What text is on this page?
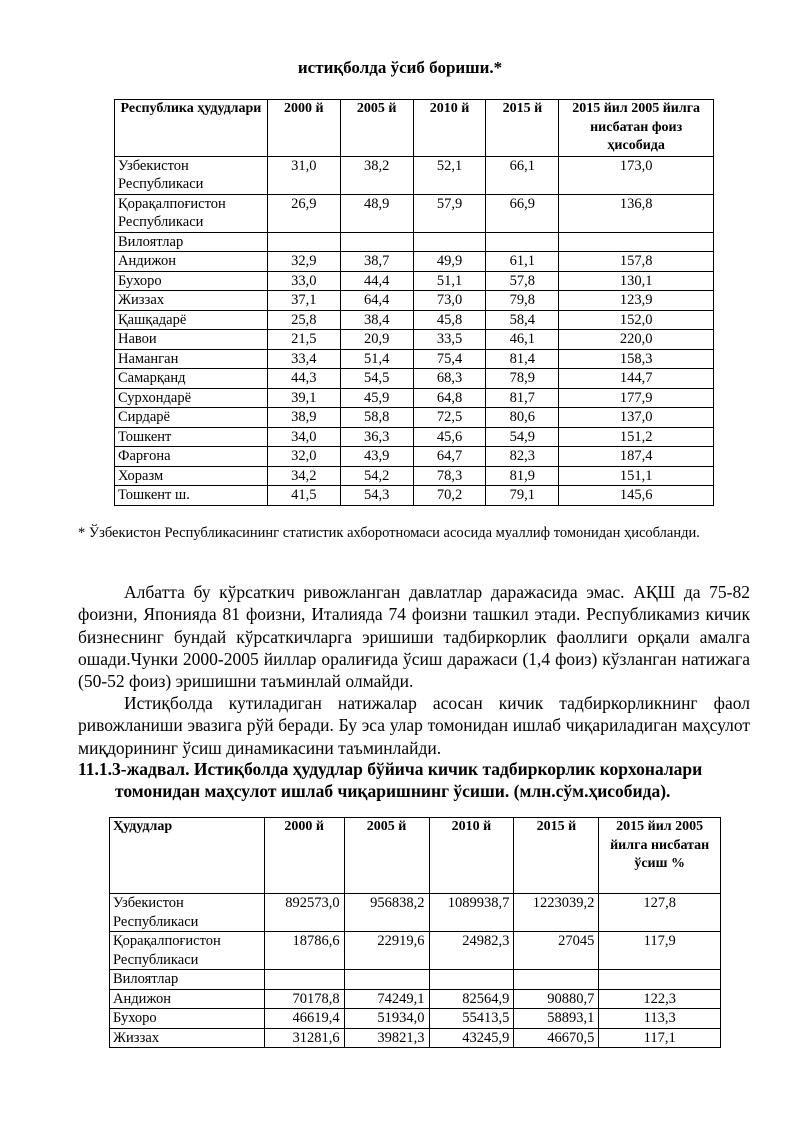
истиқболда ўсиб бориши.*
Республика ҳудудлари	2000 й	2005 й	2010 й	2015 й	2015 йил 2005 йилга нисбатан фоиз ҳисобида
Узбекистон Республикаси	31,0	38,2	52,1	66,1	173,0
Қорақалпоғистон Республикаси	26,9	48,9	57,9	66,9	136,8
Вилоятлар					
Андижон	32,9	38,7	49,9	61,1	157,8
Бухоро	33,0	44,4	51,1	57,8	130,1
Жиззах	37,1	64,4	73,0	79,8	123,9
Қашқадарё	25,8	38,4	45,8	58,4	152,0
Навои	21,5	20,9	33,5	46,1	220,0
Наманган	33,4	51,4	75,4	81,4	158,3
Самарқанд	44,3	54,5	68,3	78,9	144,7
Сурхондарё	39,1	45,9	64,8	81,7	177,9
Сирдарё	38,9	58,8	72,5	80,6	137,0
Тошкент	34,0	36,3	45,6	54,9	151,2
Фарғона	32,0	43,9	64,7	82,3	187,4
Хоразм	34,2	54,2	78,3	81,9	151,1
Тошкент ш.	41,5	54,3	70,2	79,1	145,6
* Ўзбекистон Республикасининг статистик ахборотномаси асосида муаллиф томонидан ҳисобланди.
Албатта бу кўрсаткич ривожланган давлатлар даражасида эмас. АҚШ да 75-82 фоизни, Японияда 81 фоизни, Италияда 74 фоизни ташкил этади. Республикамиз кичик бизнеснинг бундай кўрсаткичларга эришиши тадбиркорлик фаоллиги орқали амалга ошади.Чунки 2000-2005 йиллар оралиғида ўсиш даражаси (1,4 фоиз) кўзланган натижага (50-52 фоиз) эришишни таъминлай олмайди.
Истиқболда кутиладиган натижалар асосан кичик тадбиркорликнинг фаол ривожланиши эвазига рўй беради. Бу эса улар томонидан ишлаб чиқариладиган маҳсулот миқдорининг ўсиш динамикасини таъминлайди.
11.1.3-жадвал. Истиқболда ҳудудлар бўйича кичик тадбиркорлик корхоналари
томонидан маҳсулот ишлаб чиқаришнинг ўсиши. (млн.сўм.ҳисобида).
Ҳудудлар	2000 й	2005 й	2010 й	2015 й	2015 йил 2005 йилга нисбатан ўсиш %
Узбекистон Республикаси	892573,0	956838,2	1089938,7	1223039,2	127,8
Қорақалпоғистон Республикаси	18786,6	22919,6	24982,3	27045	117,9
Вилоятлар					
Андижон	70178,8	74249,1	82564,9	90880,7	122,3
Бухоро	46619,4	51934,0	55413,5	58893,1	113,3
Жиззах	31281,6	39821,3	43245,9	46670,5	117,1
